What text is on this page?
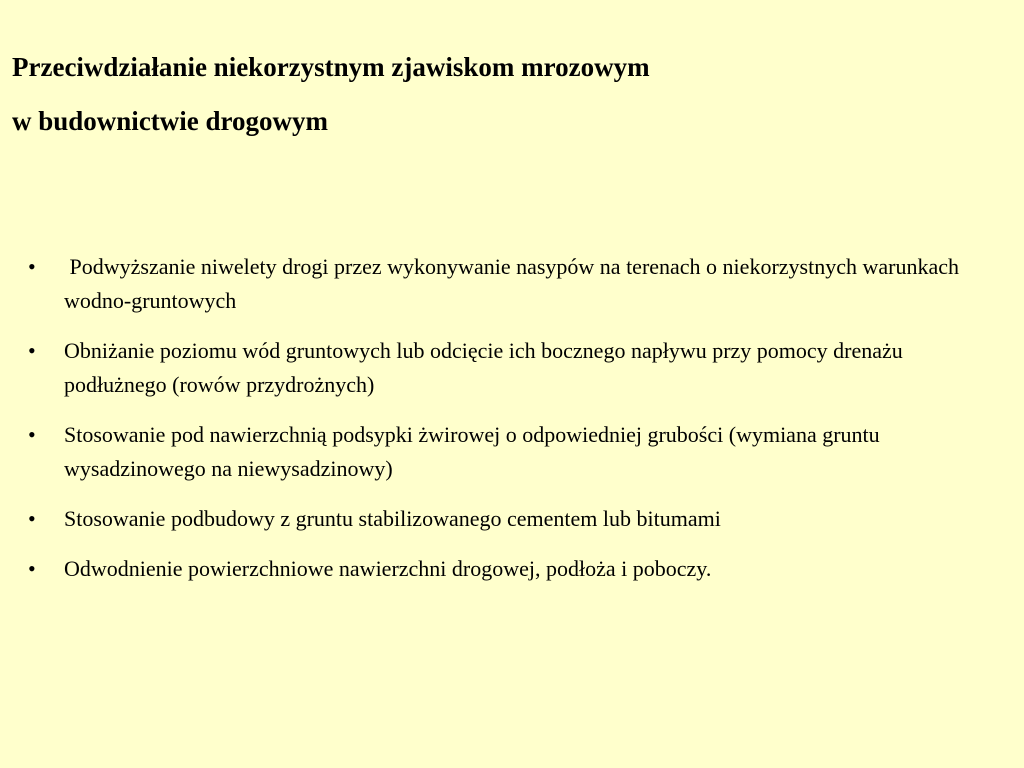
Przeciwdziałanie niekorzystnym zjawiskom mrozowym
w budownictwie drogowym
•	Podwyższanie niwelety drogi przez wykonywanie nasypów na terenach o niekorzystnych warunkach wodno-gruntowych
•	Obniżanie poziomu wód gruntowych lub odcięcie ich bocznego napływu przy pomocy drenażu podłużnego (rowów przydrożnych)
•	Stosowanie pod nawierzchnią podsypki żwirowej o odpowiedniej grubości (wymiana gruntu wysadzinowego na niewysadzinowy)
•	Stosowanie podbudowy z gruntu stabilizowanego cementem lub bitumami
•	Odwodnienie powierzchniowe nawierzchni drogowej, podłoża i poboczy.
